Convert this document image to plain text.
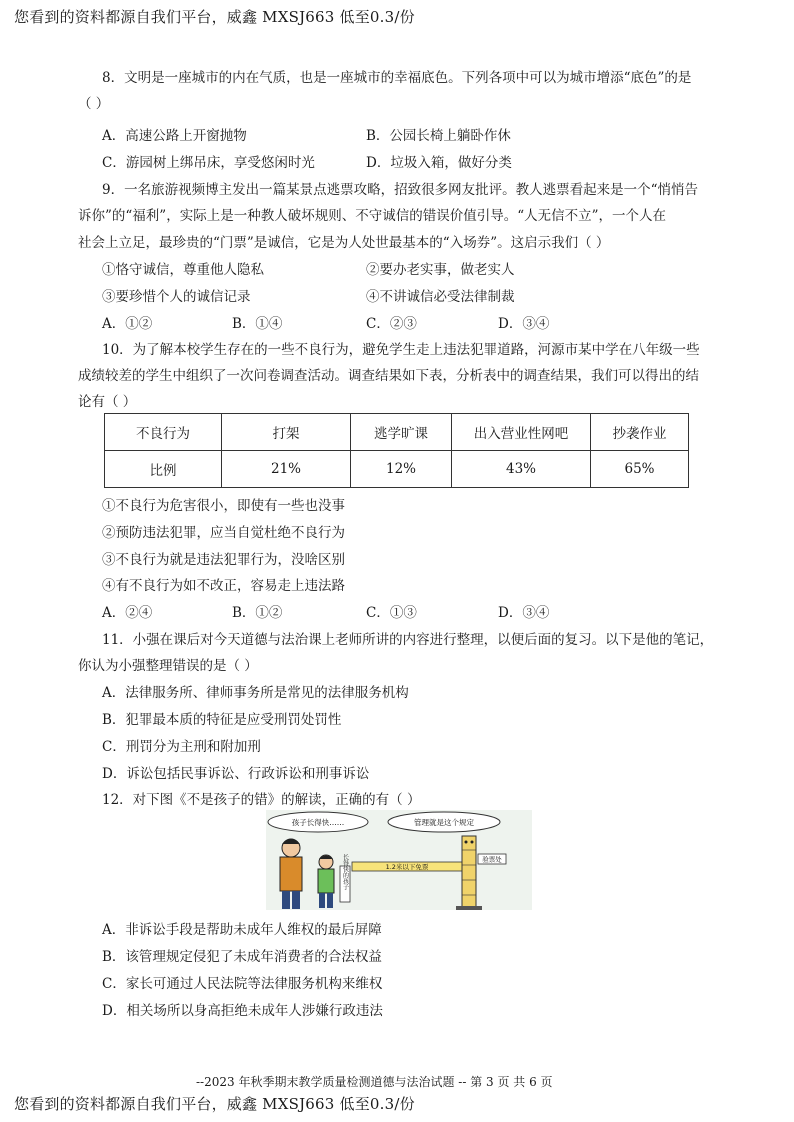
您看到的资料都源自我们平台，威鑫 MXSJ663 低至0.3/份
8．文明是一座城市的内在气质，也是一座城市的幸福底色。下列各项中可以为城市增添“底色”的是
（ ）
A．高速公路上开窗抛物	B．公园长椅上躺卧作休
C．游园树上绑吊床，享受悠闲时光	D．垃圾入箱，做好分类
9．一名旅游视频博主发出一篇某景点逃票攻略，招致很多网友批评。教人逃票看起来是一个“悄悄告
诉你”的“福利”，实际上是一种教人破坏规则、不守诚信的错误价值引导。“人无信不立”，一个人在
社会上立足，最珍贵的“门票”是诚信，它是为人处世最基本的“入场券”。这启示我们（ ）
①恪守诚信，尊重他人隐私	②要办老实事，做老实人
③要珍惜个人的诚信记录	④不讲诚信必受法律制裁
A．①②	B．①④	C．②③	D．③④
10．为了解本校学生存在的一些不良行为，避免学生走上违法犯罪道路，河源市某中学在八年级一些
成绩较差的学生中组织了一次问卷调查活动。调查结果如下表，分析表中的调查结果，我们可以得出的结
论有（ ）
不良行为	打架	逃学旷课	出入营业性网吧	抄袭作业
比例	21%	12%	43%	65%
①不良行为危害很小，即使有一些也没事
②预防违法犯罪，应当自觉杜绝不良行为
③不良行为就是违法犯罪行为，没啥区别
④有不良行为如不改正，容易走上违法路
A．②④	B．①②	C．①③	D．③④
11．小强在课后对今天道德与法治课上老师所讲的内容进行整理，以便后面的复习。以下是他的笔记，
你认为小强整理错误的是（ ）
A．法律服务所、律师事务所是常见的法律服务机构
B．犯罪最本质的特征是应受刑罚处罚性
C．刑罚分为主刑和附加刑
D．诉讼包括民事诉讼、行政诉讼和刑事诉讼
12．对下图《不是孩子的错》的解读，正确的有（ ）
孩子长得快……	管理就是这个规定
长得快的孩子	1.2米以下免票
验票处
A．非诉讼手段是帮助未成年人维权的最后屏障
B．该管理规定侵犯了未成年消费者的合法权益
C．家长可通过人民法院等法律服务机构来维权
D．相关场所以身高拒绝未成年人涉嫌行政违法
--2023 年秋季期末教学质量检测道德与法治试题 -- 第 3 页 共 6 页
您看到的资料都源自我们平台，威鑫 MXSJ663 低至0.3/份
